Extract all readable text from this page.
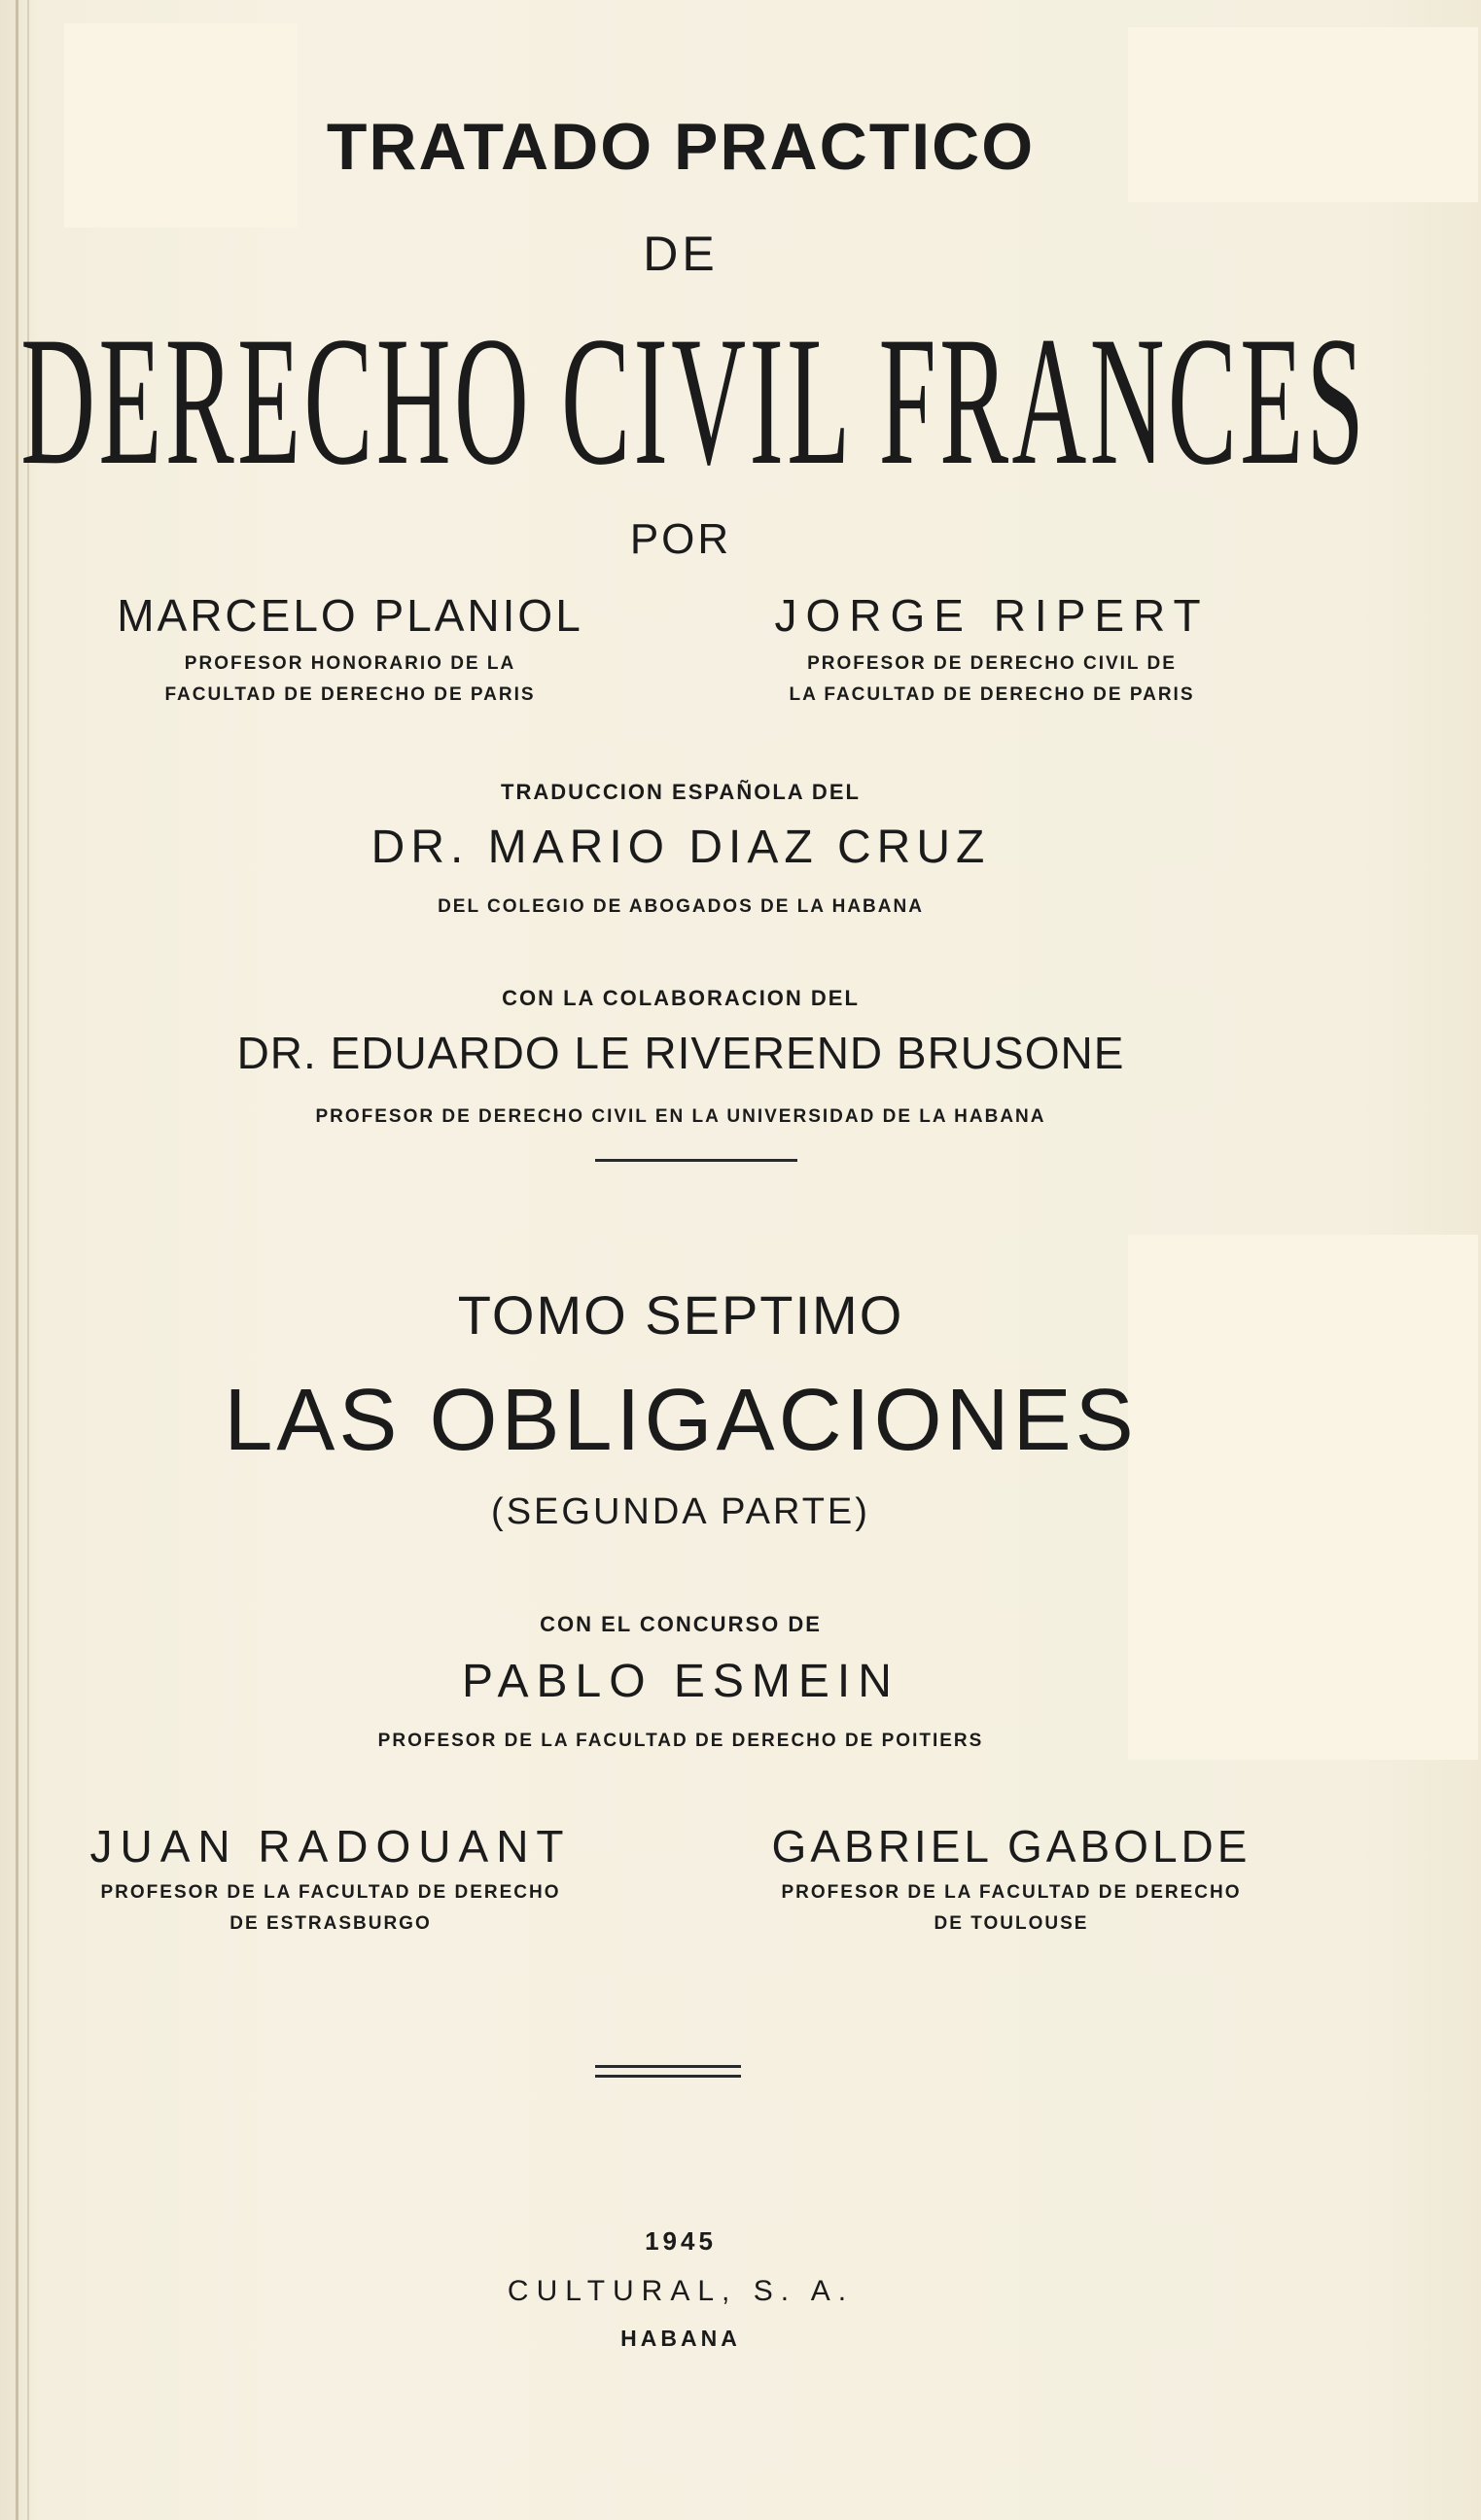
TRATADO PRACTICO
DE
DERECHO CIVIL FRANCES
POR
MARCELO PLANIOL
PROFESOR HONORARIO DE LA
FACULTAD DE DERECHO DE PARIS
JORGE RIPERT
PROFESOR DE DERECHO CIVIL DE
LA FACULTAD DE DERECHO DE PARIS
TRADUCCION ESPAÑOLA DEL
DR. MARIO DIAZ CRUZ
DEL COLEGIO DE ABOGADOS DE LA HABANA
CON LA COLABORACION DEL
DR. EDUARDO LE RIVEREND BRUSONE
PROFESOR DE DERECHO CIVIL EN LA UNIVERSIDAD DE LA HABANA
TOMO SEPTIMO
LAS OBLIGACIONES
(SEGUNDA PARTE)
CON EL CONCURSO DE
PABLO ESMEIN
PROFESOR DE LA FACULTAD DE DERECHO DE POITIERS
JUAN RADOUANT
PROFESOR DE LA FACULTAD DE DERECHO
DE ESTRASBURGO
GABRIEL GABOLDE
PROFESOR DE LA FACULTAD DE DERECHO
DE TOULOUSE
1945
CULTURAL, S. A.
HABANA
